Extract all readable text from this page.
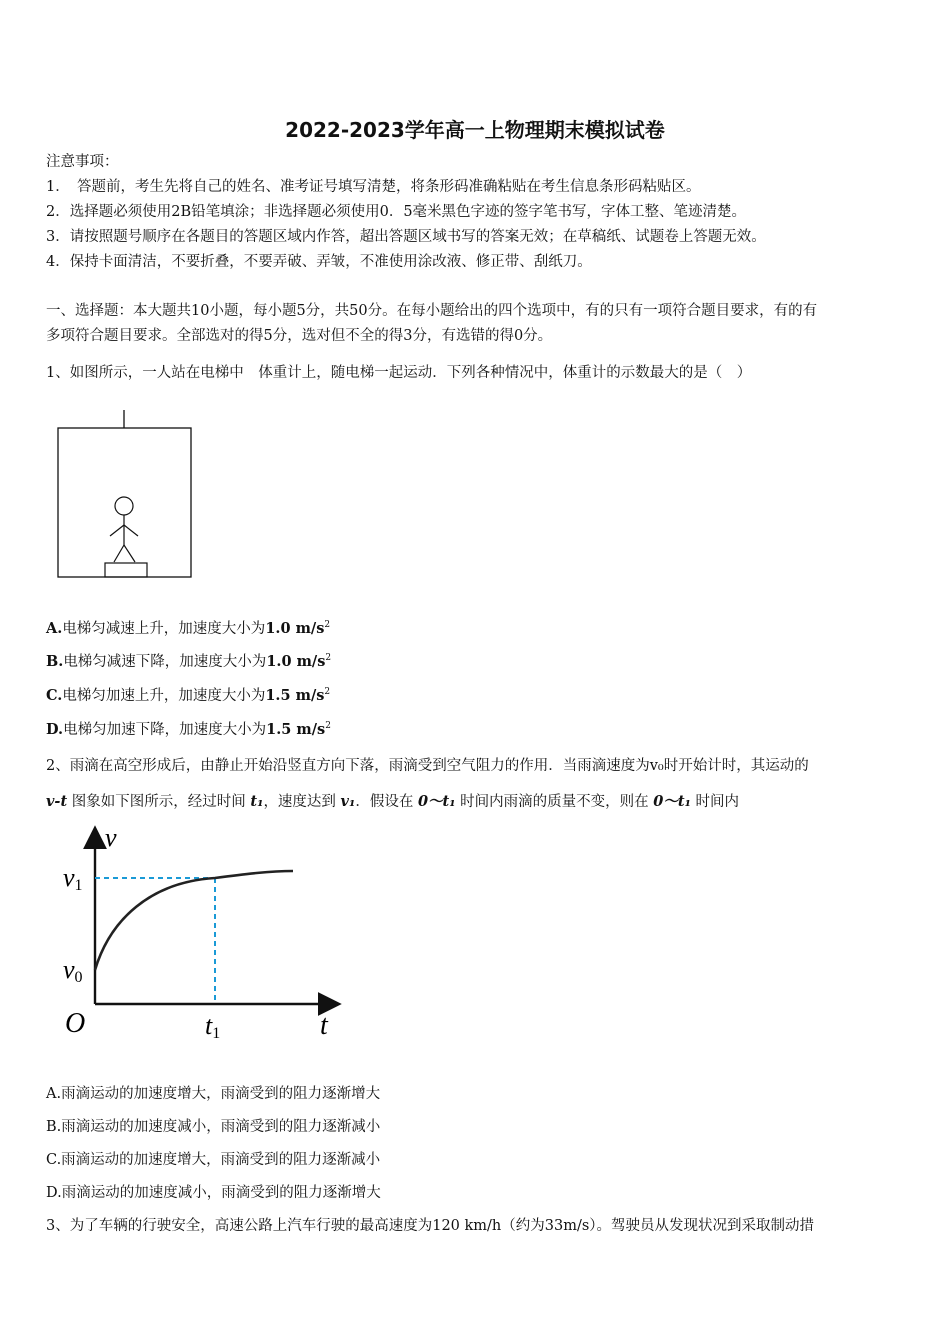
2022-2023学年高一上物理期末模拟试卷
注意事项：
1．　答题前，考生先将自己的姓名、准考证号填写清楚，将条形码准确粘贴在考生信息条形码粘贴区。
2．选择题必须使用2B铅笔填涂；非选择题必须使用0．5毫米黑色字迹的签字笔书写，字体工整、笔迹清楚。
3．请按照题号顺序在各题目的答题区域内作答，超出答题区域书写的答案无效；在草稿纸、试题卷上答题无效。
4．保持卡面清洁，不要折叠，不要弄破、弄皱，不准使用涂改液、修正带、刮纸刀。
一、选择题：本大题共10小题，每小题5分，共50分。在每小题给出的四个选项中，有的只有一项符合题目要求，有的有
多项符合题目要求。全部选对的得5分，选对但不全的得3分，有选错的得0分。
1、如图所示，一人站在电梯中　体重计上，随电梯一起运动．下列各种情况中，体重计的示数最大的是（　）
A.电梯匀减速上升，加速度大小为1.0 $m/s^2$
B.电梯匀减速下降，加速度大小为1.0 $m/s^2$
C.电梯匀加速上升，加速度大小为1.5 $m/s^2$
D.电梯匀加速下降，加速度大小为1.5 $m/s^2$
2、雨滴在高空形成后，由静止开始沿竖直方向下落，雨滴受到空气阻力的作用．当雨滴速度为v₀时开始计时，其运动的
v-t 图象如下图所示，经过时间 t₁，速度达到 v₁．假设在 0～t₁ 时间内雨滴的质量不变，则在 0～t₁ 时间内
v
v1
v0
O	t1	t
A.雨滴运动的加速度增大，雨滴受到的阻力逐渐增大
B.雨滴运动的加速度减小，雨滴受到的阻力逐渐减小
C.雨滴运动的加速度增大，雨滴受到的阻力逐渐减小
D.雨滴运动的加速度减小，雨滴受到的阻力逐渐增大
3、为了车辆的行驶安全，高速公路上汽车行驶的最高速度为120 km/h（约为33m/s）。驾驶员从发现状况到采取制动措
